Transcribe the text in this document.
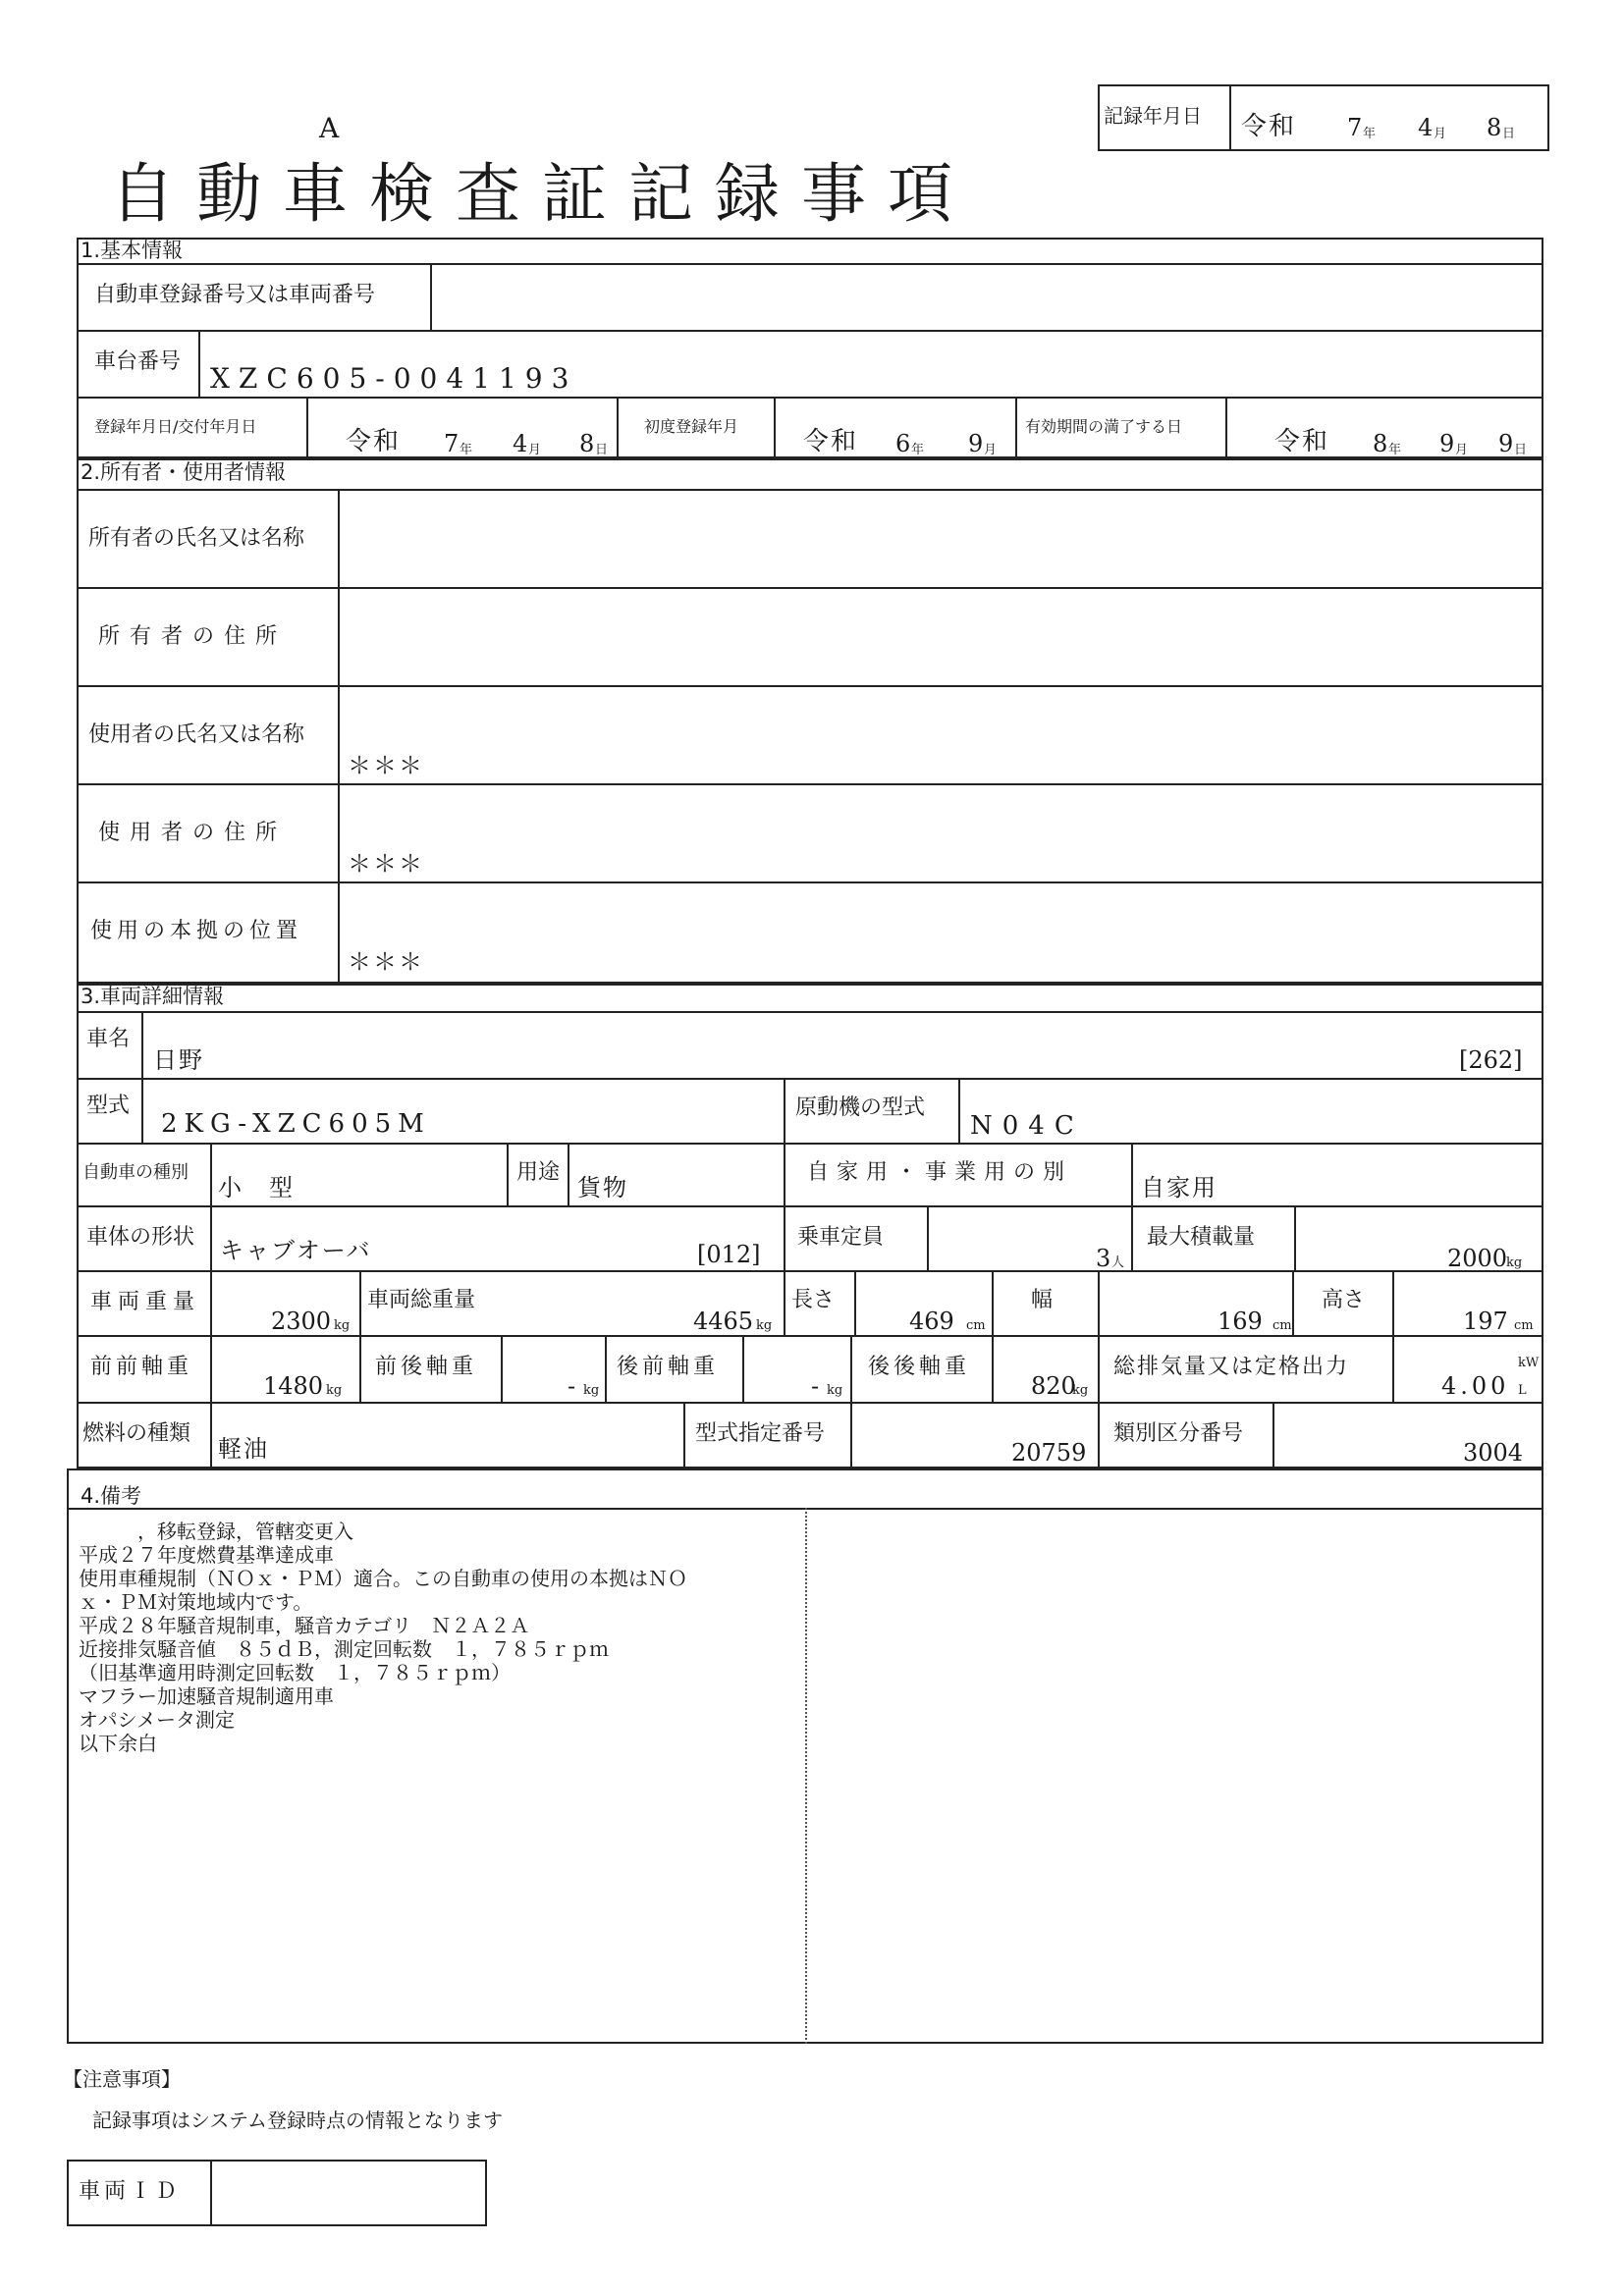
A
自動車検査証記録事項
記録年月日 令和 7 年 4 月 8 日
1.基本情報
自動車登録番号又は車両番号
車台番号
XZC605-0041193
登録年月日/交付年月日
令和 7 年 4 月 8 日
初度登録年月
令和 6 年 9 月
有効期間の満了する日
令和 8 年 9 月 9 日
2.所有者・使用者情報
所有者の氏名又は名称
所有者の住所
使用者の氏名又は名称
＊＊＊
使用者の住所
＊＊＊
使用の本拠の位置
＊＊＊
3.車両詳細情報
車名
日野	[262]
型式
2KG-XZC605M
原動機の型式
N04C
自動車の種別
小　型
用途
貨物
自家用・事業用の別
自家用
車体の形状 キャブオーバ	[012]
乗車定員
3 人
最大積載量
2000
kg
車両重量
2300 kg
車両総重量
4465 kg
長さ
469 cm
幅
169 cm
高さ
197 cm
前前軸重
1480 kg
前後軸重
- kg
後前軸重
- kg
後後軸重
820
kg
総排気量又は定格出力
4.00
kW
L
燃料の種類
軽油
型式指定番号
20759
類別区分番号
3004
4.備考
　　　，移転登録，管轄変更入
平成２７年度燃費基準達成車
使用車種規制（ＮＯｘ・ＰＭ）適合。この自動車の使用の本拠はＮＯ
ｘ・ＰＭ対策地域内です。
平成２８年騒音規制車，騒音カテゴリ　Ｎ２Ａ２Ａ
近接排気騒音値　８５ｄＢ，測定回転数　１，７８５ｒｐｍ
（旧基準適用時測定回転数　１，７８５ｒｐｍ）
マフラー加速騒音規制適用車
オパシメータ測定
以下余白
【注意事項】
記録事項はシステム登録時点の情報となります
車両ＩＤ
